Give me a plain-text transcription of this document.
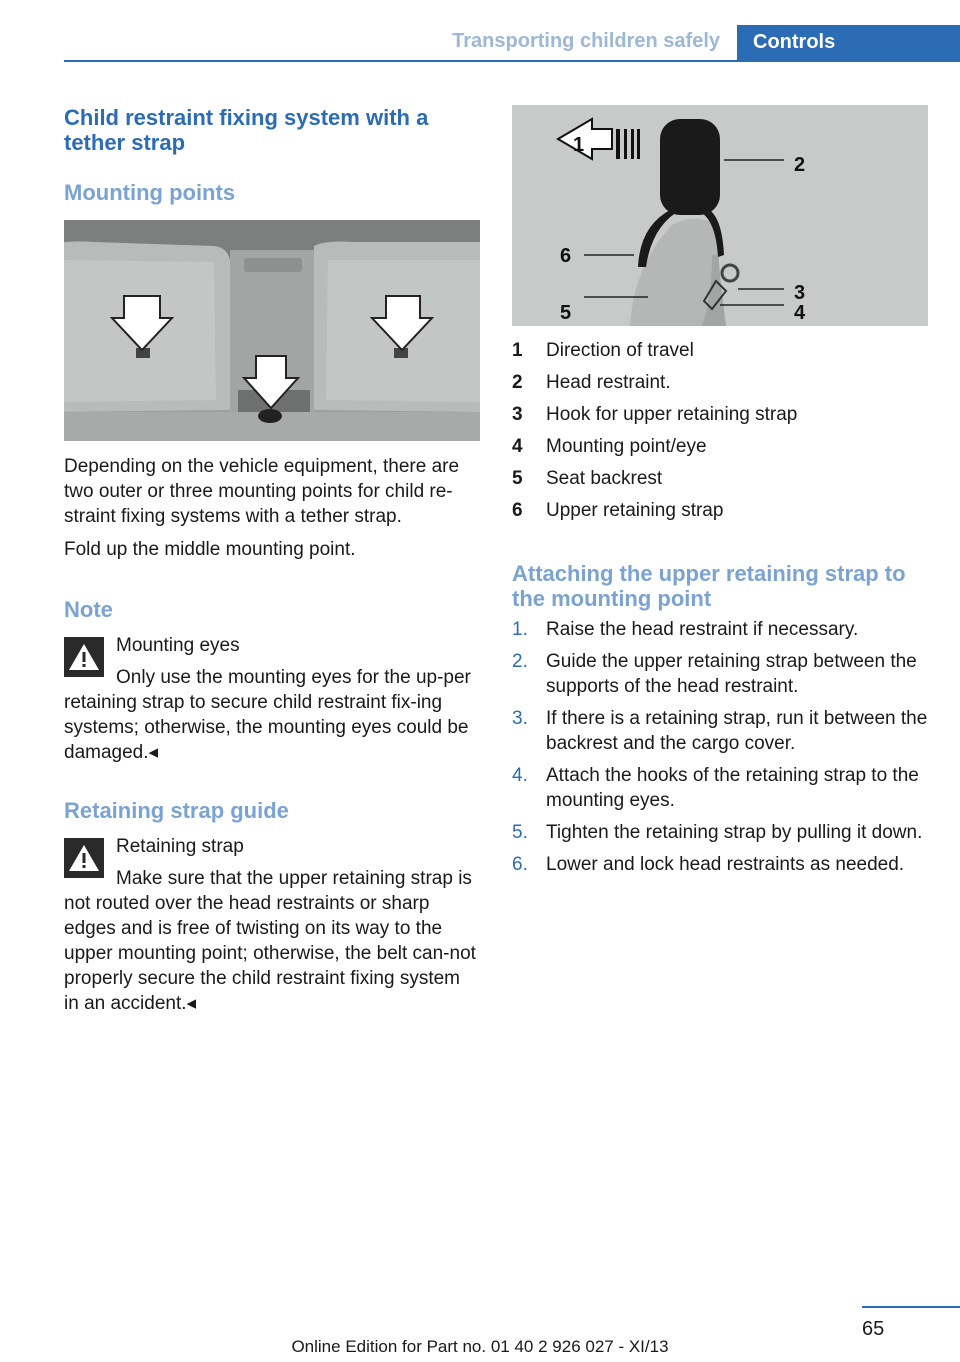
Transporting children safely	Controls
Child restraint fixing system with a tether strap
Mounting points
Depending on the vehicle equipment, there are two outer or three mounting points for child re-straint fixing systems with a tether strap.
Fold up the middle mounting point.
Note
Mounting eyes
Only use the mounting eyes for the up-per retaining strap to secure child restraint fix-ing systems; otherwise, the mounting eyes could be damaged.◂
Retaining strap guide
Retaining strap
Make sure that the upper retaining strap is not routed over the head restraints or sharp edges and is free of twisting on its way to the upper mounting point; otherwise, the belt can-not properly secure the child restraint fixing system in an accident.◂
1
2
3
4
5
6
1	Direction of travel
2	Head restraint.
3	Hook for upper retaining strap
4	Mounting point/eye
5	Seat backrest
6	Upper retaining strap
Attaching the upper retaining strap to the mounting point
1. Raise the head restraint if necessary.
2. Guide the upper retaining strap between the supports of the head restraint.
3. If there is a retaining strap, run it between the backrest and the cargo cover.
4. Attach the hooks of the retaining strap to the mounting eyes.
5. Tighten the retaining strap by pulling it down.
6. Lower and lock head restraints as needed.
65
Online Edition for Part no. 01 40 2 926 027 - XI/13
